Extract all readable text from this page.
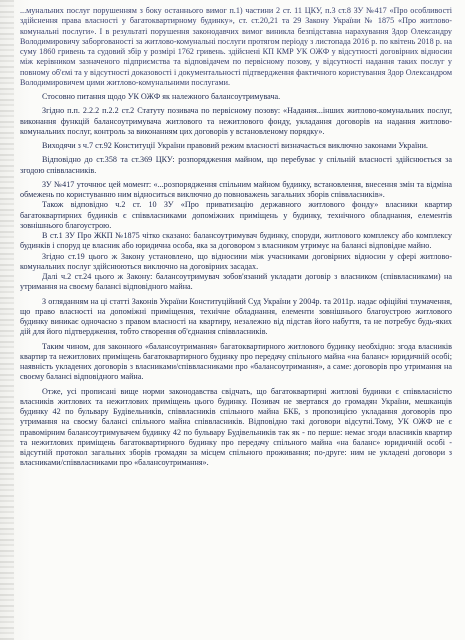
...мунальних послуг порушенням з боку останнього вимог п.1) частини 2 ст. 11 ЦКУ, п.3 ст.8 ЗУ №417 «Про особливості здійснення права власності у багатоквартирному будинку», ст. ст.20,21 та 29 Закону України № 1875 «Про житлово-комунальні послуги». І в результаті порушення законодавчих вимог виникла безпідставна нарахування Здор Олександру Володимировичу заборгованості за житлово-комунальні послуги протягом періоду з листопада 2016 р. по квітень 2018 р. на суму 1860 гривень та судовий збір у розмірі 1762 гривень. здійснені КП КМР УК ОЖФ у відсутності договірних відносин між керівником зазначеного підприємства та відповідачем по первісному позову, у відсутності надання таких послуг у повному об'ємі та у відсутності доказовості і документальності підтвердження фактичного користування Здор Олександром Володимировичем цими житлово-комунальними послугами.

Стосовно питання щодо УК ОЖФ як належного балансоутримувача.

Згідно п.п. 2.2.2 п.2.2 ст.2 Статуту позивача по первісному позову: «Надання...інших житлово-комунальних послуг, виконання функцій балансоутримувача житлового та нежитлового фонду, укладання договорів на надання житлово-комунальних послуг, контроль за виконанням цих договорів у встановленому порядку».

Виходячи з ч.7 ст.92 Конституції України правовий режим власності визначається виключно законами України.

Відповідно до ст.358 та ст.369 ЦКУ: розпорядження майном, що перебуває у спільній власності здійснюється за згодою співвласників.

ЗУ №417 уточнює цей момент: «...розпорядження спільним майном будинку, встановлення, внесення змін та відміна обмежень по користуванню ним відноситься виключно до повноважень загальних зборів співвласників».

Також відповідно ч.2 ст. 10 ЗУ «Про приватизацію державного житлового фонду» власники квартир багатоквартирних будинків є співвласниками допоміжних приміщень у будинку, технічного обладнання, елементів зовнішнього благоустрою.

В ст.1 ЗУ Про ЖКП №1875 чітко сказано: балансоутримувач будинку, споруди, житлового комплексу або комплексу будинків і споруд це власник або юридична особа, яка за договором з власником утримує на балансі відповідне майно.

Згідно ст.19 цього ж Закону установлено, що відносини між учасниками договірних відносин у сфері житлово-комунальних послуг здійснюються виключно на договірних засадах.

Далі ч.2 ст.24 цього ж Закону: балансоутримувач зобов'язаний укладати договір з власником (співвласниками) на утримання на своєму балансі відповідного майна.

З огляданням на ці статті Законів України Конституційний Суд України у 2004р. та 2011р. надає офіційні тлумачення, що право власності на допоміжні приміщення, технічне обладнання, елементи зовнішнього благоустрою житлового будинку виникає одночасно з правом власності на квартиру, незалежно від підстав його набуття, та не потребує будь-яких дій для його підтвердження, тобто створення об'єднання співвласників.

Таким чином, для законного «балансоутримання» багатоквартирного житлового будинку необхідно: згода власників квартир та нежитлових приміщень багатоквартирного будинку про передачу спільного майна «на баланс» юридичній особі; наявність укладених договорів з власниками/співвласниками про «балансоутримання», а саме: договорів про утримання на своєму балансі відповідного майна.

Отже, усі прописані вище норми законодавства свідчать, що багатоквартирні житлові будинки є співвласністю власників житлових та нежитлових приміщень цього будинку. Позивач не звертався до громадян України, мешканців будинку 42 по бульвару Будівельників, співвласників спільного майна БКБ, з пропозицією укладання договорів про утримання на своєму балансі спільного майна співвласників. Відповідно такі договори відсутні.Тому, УК ОЖФ не є правомірним балансоутримувачем будинку 42 по бульвару Будівельників так як - по перше: немає згоди власників квартир та нежитлових приміщень багатоквартирного будинку про передачу спільного майна «на баланс» юридичній особі - відсутній протокол загальних зборів громадян за місцем спільного проживання; по-друге: ним не укладені договори з власниками/співвласниками про «балансоутримання».
